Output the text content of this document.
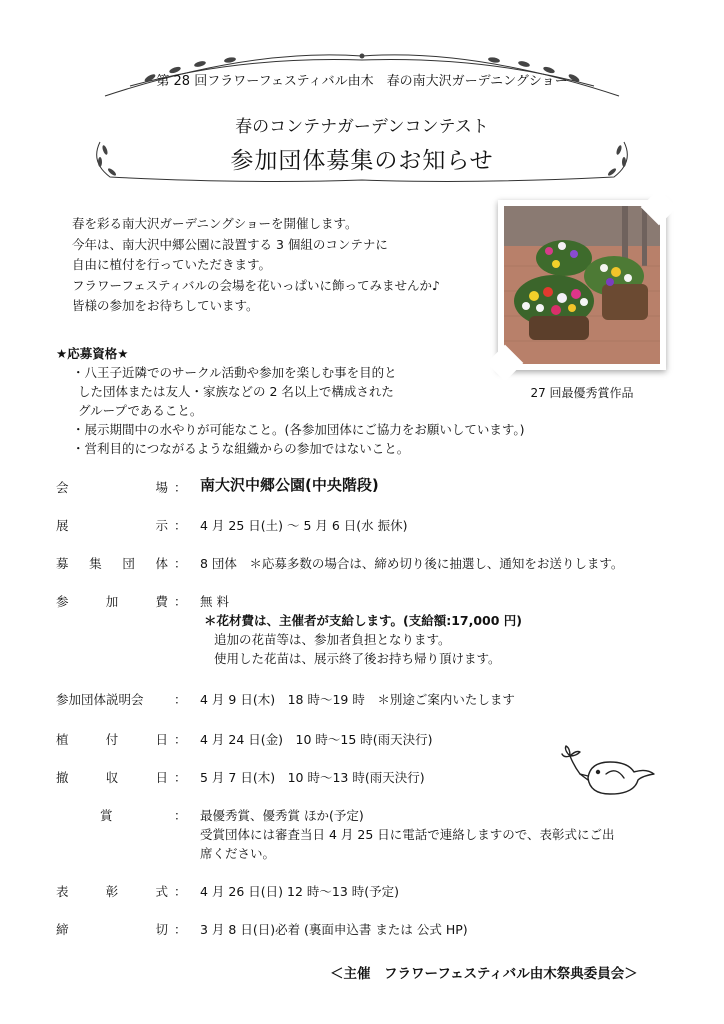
第 28 回フラワーフェスティバル由木　春の南大沢ガーデニングショー
春のコンテナガーデンコンテスト
参加団体募集のお知らせ

春を彩る南大沢ガーデニングショーを開催します。

今年は、南大沢中郷公園に設置する 3 個組のコンテナに

自由に植付を行っていただきます。

フラワーフェスティバルの会場を花いっぱいに飾ってみませんか♪

皆様の参加をお待ちしています。

27 回最優秀賞作品
★応募資格★
・八王子近隣でのサークル活動や参加を楽しむ事を目的と
した団体または友人・家族などの 2 名以上で構成された
グループであること。
・展示期間中の水やりが可能なこと。(各参加団体にご協力をお願いしています。)
・営利目的につながるような組織からの参加ではないこと。
会	場 ： 南大沢中郷公園(中央階段)
展	示 ： 4 月 25 日(土) 〜 5 月 6 日(水 振休)
募 集 団 体 ： 8 団体　＊応募多数の場合は、締め切り後に抽選し、通知をお送りします。
参	加	費 ： 無 料
＊花材費は、主催者が支給します。(支給額:17,000 円)
追加の花苗等は、参加者負担となります。
使用した花苗は、展示終了後お持ち帰り頂けます。
参加団体説明会	： 4 月 9 日(木)　18 時〜19 時　＊別途ご案内いたします
植	付	日 ： 4 月 24 日(金)　10 時〜15 時(雨天決行)
撤	収	日 ： 5 月 7 日(木)　10 時〜13 時(雨天決行)
賞	： 最優秀賞、優秀賞 ほか(予定)
受賞団体には審査当日 4 月 25 日に電話で連絡しますので、表彰式にご出
席ください。
表	彰	式 ： 4 月 26 日(日) 12 時〜13 時(予定)
締	切 ： 3 月 8 日(日)必着 (裏面申込書 または 公式 HP)
＜主催　フラワーフェスティバル由木祭典委員会＞
